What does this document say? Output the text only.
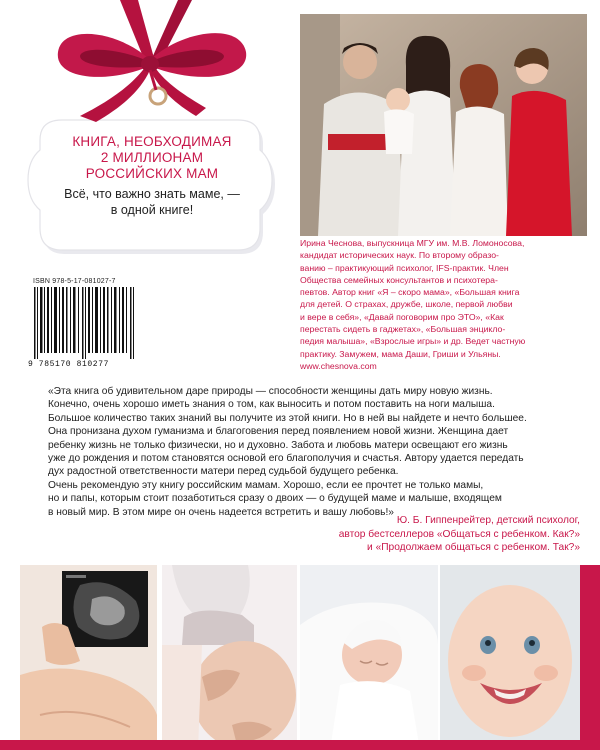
КНИГА, НЕОБХОДИМАЯ
2 МИЛЛИОНАМ
РОССИЙСКИХ МАМ
Всё, что важно знать маме, —
в одной книге!
Ирина Чеснова, выпускница МГУ им. М.В. Ломоносова,
кандидат исторических наук. По второму образо-
ванию – практикующий психолог, IFS-практик. Член
Общества семейных консультантов и психотера-
певтов. Автор книг «Я – скоро мама», «Большая книга
для детей. О страхах, дружбе, школе, первой любви
и вере в себя», «Давай поговорим про ЭТО», «Как
перестать сидеть в гаджетах», «Большая энцикло-
педия малыша», «Взрослые игры» и др. Ведет частную
практику. Замужем, мама Даши, Гриши и Ульяны.
www.chesnova.com
ISBN 978-5-17-081027-7
9 785170 810277

«Эта книга об удивительном даре природы — способности женщины дать миру новую жизнь.

Конечно, очень хорошо иметь знания о том, как выносить и потом поставить на ноги малыша.

Большое количество таких знаний вы получите из этой книги. Но в ней вы найдете и нечто большее.

Она пронизана духом гуманизма и благоговения перед появлением новой жизни. Женщина дает

ребенку жизнь не только физически, но и духовно. Забота и любовь матери освещают его жизнь

уже до рождения и потом становятся основой его благополучия и счастья. Автору удается передать

дух радостной ответственности матери перед судьбой будущего ребенка.

Очень рекомендую эту книгу российским мамам. Хорошо, если ее прочтет не только мамы,

но и папы, которым стоит позаботиться сразу о двоих — о будущей маме и малыше, входящем

в новый мир. В этом мире он очень надеется встретить и вашу любовь!»

Ю. Б. Гиппенрейтер, детский психолог,
автор бестселлеров «Общаться с ребенком. Как?»
и «Продолжаем общаться с ребенком. Так?»
